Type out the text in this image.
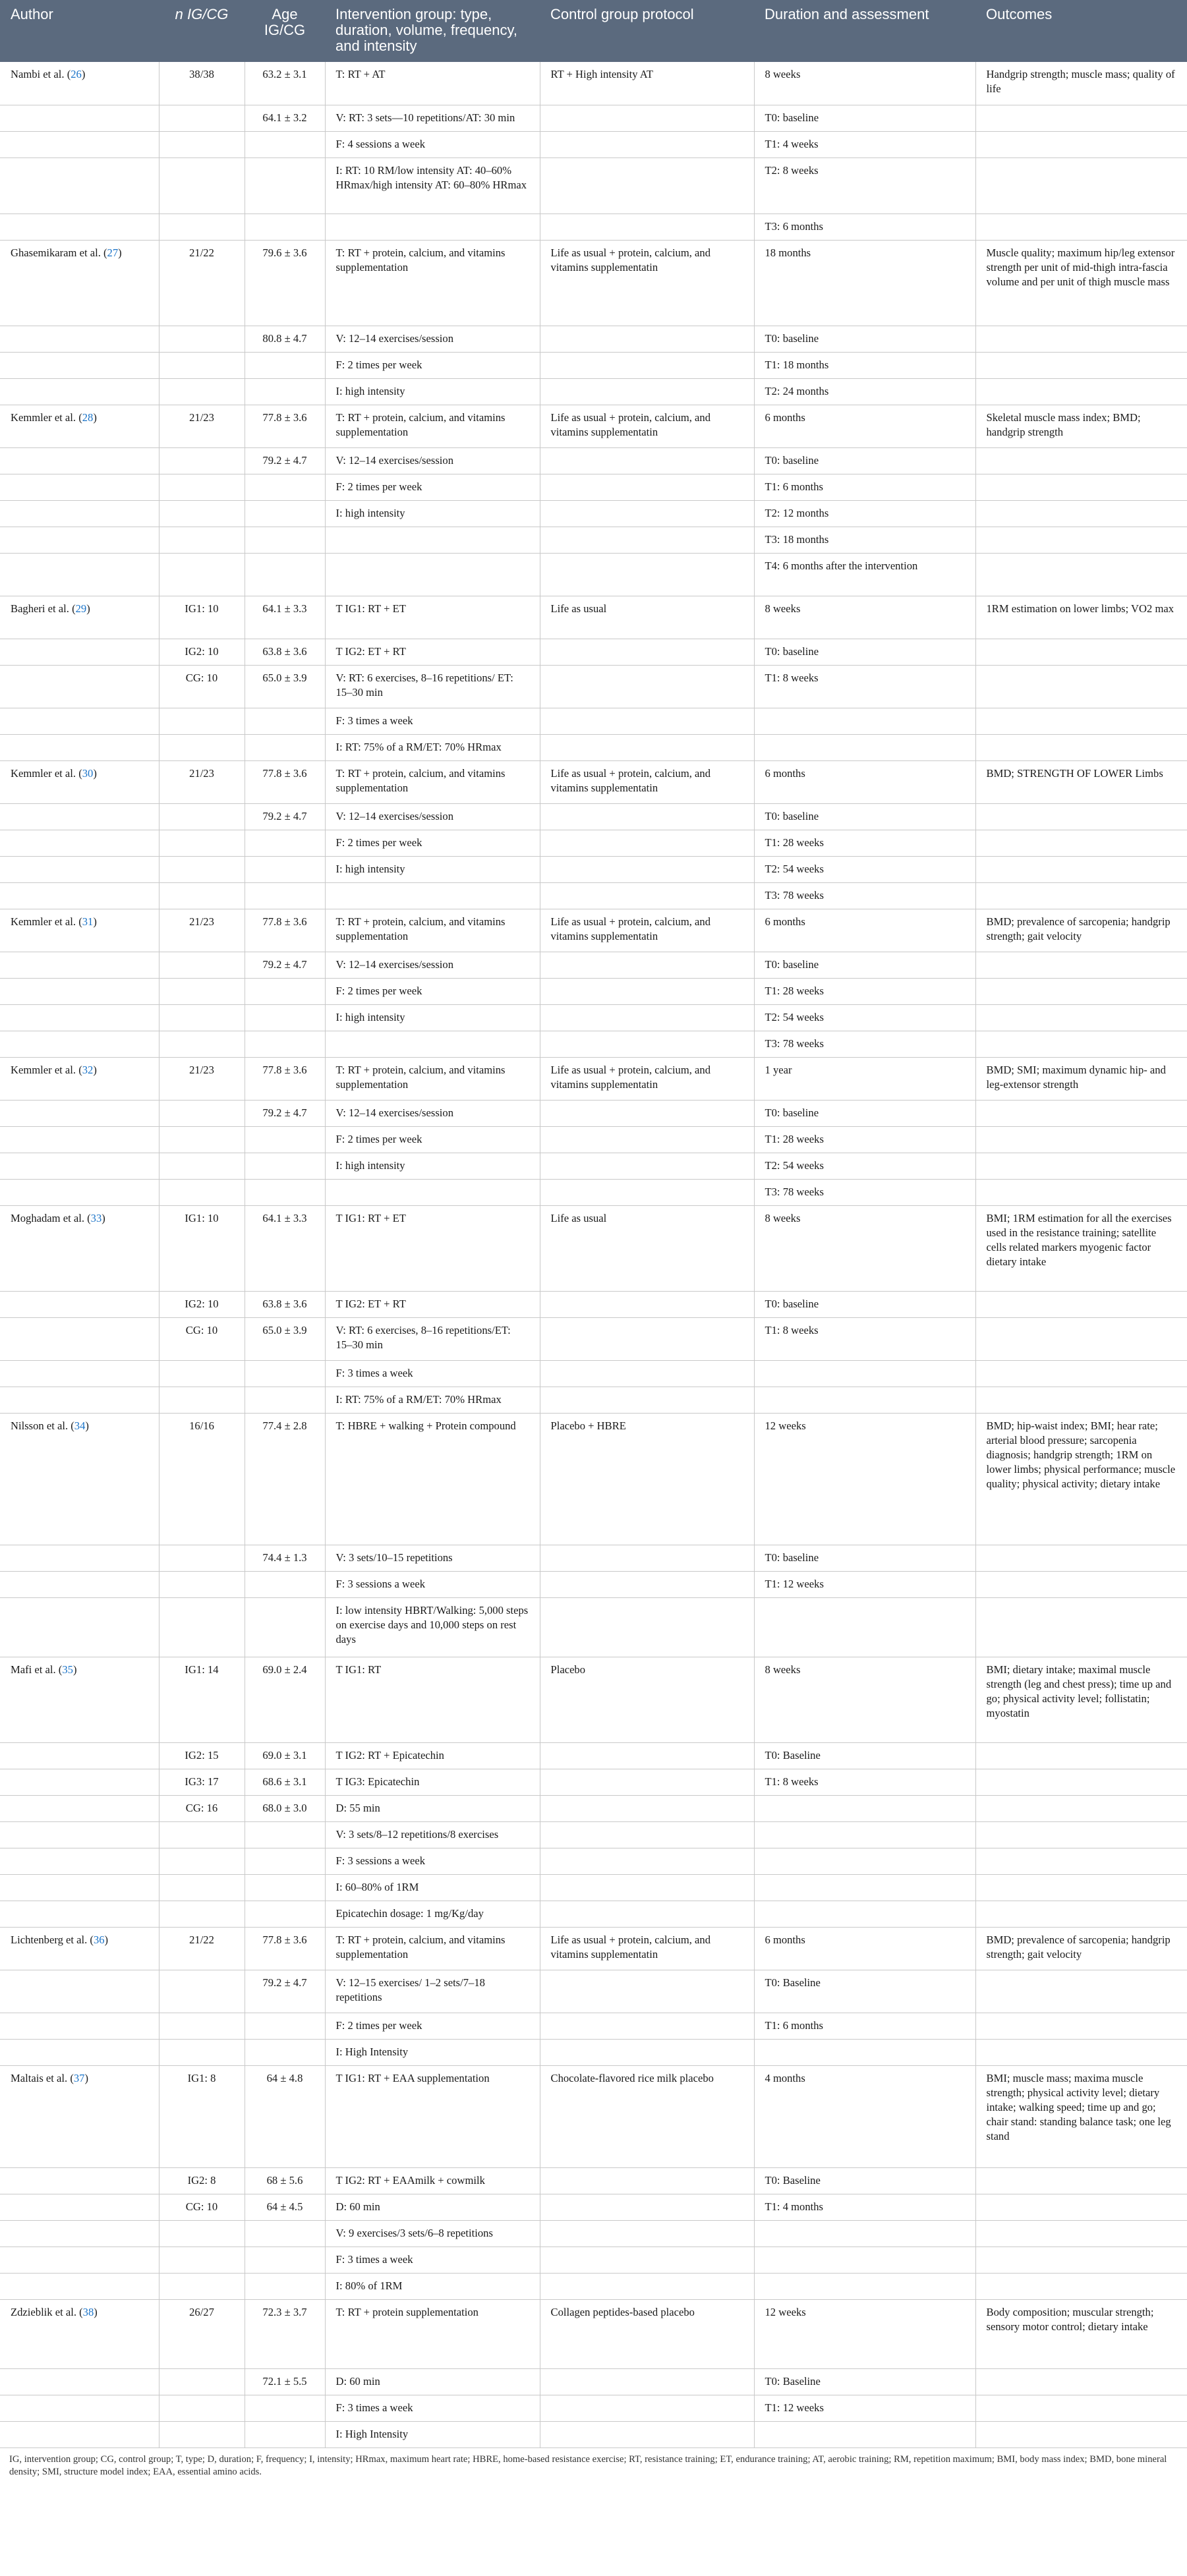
Author	n IG/CG	Age IG/CG	Intervention group: type, duration, volume, frequency, and intensity	Control group protocol	Duration and assessment	Outcomes
Nambi et al. (26)	38/38	63.2 ± 3.1	T: RT + AT	RT + High intensity AT	8 weeks	Handgrip strength; muscle mass; quality of life
		64.1 ± 3.2	V: RT: 3 sets—10 repetitions/AT: 30 min		T0: baseline	
			F: 4 sessions a week		T1: 4 weeks	
			I: RT: 10 RM/low intensity AT: 40–60% HRmax/high intensity AT: 60–80% HRmax		T2: 8 weeks	
					T3: 6 months	
Ghasemikaram et al. (27)	21/22	79.6 ± 3.6	T: RT + protein, calcium, and vitamins supplementation	Life as usual + protein, calcium, and vitamins supplementatin	18 months	Muscle quality; maximum hip/leg extensor strength per unit of mid-thigh intra-fascia volume and per unit of thigh muscle mass
		80.8 ± 4.7	V: 12–14 exercises/session		T0: baseline	
			F: 2 times per week		T1: 18 months	
			I: high intensity		T2: 24 months	
Kemmler et al. (28)	21/23	77.8 ± 3.6	T: RT + protein, calcium, and vitamins supplementation	Life as usual + protein, calcium, and vitamins supplementatin	6 months	Skeletal muscle mass index; BMD; handgrip strength
		79.2 ± 4.7	V: 12–14 exercises/session		T0: baseline	
			F: 2 times per week		T1: 6 months	
			I: high intensity		T2: 12 months	
					T3: 18 months	
					T4: 6 months after the intervention	
Bagheri et al. (29)	IG1: 10	64.1 ± 3.3	T IG1: RT + ET	Life as usual	8 weeks	1RM estimation on lower limbs; VO2 max
	IG2: 10	63.8 ± 3.6	T IG2: ET + RT		T0: baseline	
	CG: 10	65.0 ± 3.9	V: RT: 6 exercises, 8–16 repetitions/ ET: 15–30 min		T1: 8 weeks	
			F: 3 times a week			
			I: RT: 75% of a RM/ET: 70% HRmax			
Kemmler et al. (30)	21/23	77.8 ± 3.6	T: RT + protein, calcium, and vitamins supplementation	Life as usual + protein, calcium, and vitamins supplementatin	6 months	BMD; STRENGTH OF LOWER Limbs
		79.2 ± 4.7	V: 12–14 exercises/session		T0: baseline	
			F: 2 times per week		T1: 28 weeks	
			I: high intensity		T2: 54 weeks	
					T3: 78 weeks	
Kemmler et al. (31)	21/23	77.8 ± 3.6	T: RT + protein, calcium, and vitamins supplementation	Life as usual + protein, calcium, and vitamins supplementatin	6 months	BMD; prevalence of sarcopenia; handgrip strength; gait velocity
		79.2 ± 4.7	V: 12–14 exercises/session		T0: baseline	
			F: 2 times per week		T1: 28 weeks	
			I: high intensity		T2: 54 weeks	
					T3: 78 weeks	
Kemmler et al. (32)	21/23	77.8 ± 3.6	T: RT + protein, calcium, and vitamins supplementation	Life as usual + protein, calcium, and vitamins supplementatin	1 year	BMD; SMI; maximum dynamic hip- and leg-extensor strength
		79.2 ± 4.7	V: 12–14 exercises/session		T0: baseline	
			F: 2 times per week		T1: 28 weeks	
			I: high intensity		T2: 54 weeks	
					T3: 78 weeks	
Moghadam et al. (33)	IG1: 10	64.1 ± 3.3	T IG1: RT + ET	Life as usual	8 weeks	BMI; 1RM estimation for all the exercises used in the resistance training; satellite cells related markers myogenic factor dietary intake
	IG2: 10	63.8 ± 3.6	T IG2: ET + RT		T0: baseline	
	CG: 10	65.0 ± 3.9	V: RT: 6 exercises, 8–16 repetitions/ET: 15–30 min		T1: 8 weeks	
			F: 3 times a week			
			I: RT: 75% of a RM/ET: 70% HRmax			
Nilsson et al. (34)	16/16	77.4 ± 2.8	T: HBRE + walking + Protein compound	Placebo + HBRE	12 weeks	BMD; hip-waist index; BMI; hear rate; arterial blood pressure; sarcopenia diagnosis; handgrip strength; 1RM on lower limbs; physical performance; muscle quality; physical activity; dietary intake
		74.4 ± 1.3	V: 3 sets/10–15 repetitions		T0: baseline	
			F: 3 sessions a week		T1: 12 weeks	
			I: low intensity HBRT/Walking: 5,000 steps on exercise days and 10,000 steps on rest days			
Mafi et al. (35)	IG1: 14	69.0 ± 2.4	T IG1: RT	Placebo	8 weeks	BMI; dietary intake; maximal muscle strength (leg and chest press); time up and go; physical activity level; follistatin; myostatin
	IG2: 15	69.0 ± 3.1	T IG2: RT + Epicatechin		T0: Baseline	
	IG3: 17	68.6 ± 3.1	T IG3: Epicatechin		T1: 8 weeks	
	CG: 16	68.0 ± 3.0	D: 55 min			
			V: 3 sets/8–12 repetitions/8 exercises			
			F: 3 sessions a week			
			I: 60–80% of 1RM			
			Epicatechin dosage: 1 mg/Kg/day			
Lichtenberg et al. (36)	21/22	77.8 ± 3.6	T: RT + protein, calcium, and vitamins supplementation	Life as usual + protein, calcium, and vitamins supplementatin	6 months	BMD; prevalence of sarcopenia; handgrip strength; gait velocity
		79.2 ± 4.7	V: 12–15 exercises/ 1–2 sets/7–18 repetitions		T0: Baseline	
			F: 2 times per week		T1: 6 months	
			I: High Intensity			
Maltais et al. (37)	IG1: 8	64 ± 4.8	T IG1: RT + EAA supplementation	Chocolate-flavored rice milk placebo	4 months	BMI; muscle mass; maxima muscle strength; physical activity level; dietary intake; walking speed; time up and go; chair stand: standing balance task; one leg stand
	IG2: 8	68 ± 5.6	T IG2: RT + EAAmilk + cowmilk		T0: Baseline	
	CG: 10	64 ± 4.5	D: 60 min		T1: 4 months	
			V: 9 exercises/3 sets/6–8 repetitions			
			F: 3 times a week			
			I: 80% of 1RM			
Zdzieblik et al. (38)	26/27	72.3 ± 3.7	T: RT + protein supplementation	Collagen peptides-based placebo	12 weeks	Body composition; muscular strength; sensory motor control; dietary intake
		72.1 ± 5.5	D: 60 min		T0: Baseline	
			F: 3 times a week		T1: 12 weeks	
			I: High Intensity			
IG, intervention group; CG, control group; T, type; D, duration; F, frequency; I, intensity; HRmax, maximum heart rate; HBRE, home-based resistance exercise; RT, resistance training; ET, endurance training; AT, aerobic training; RM, repetition maximum; BMI, body mass index; BMD, bone mineral density; SMI, structure model index; EAA, essential amino acids.
